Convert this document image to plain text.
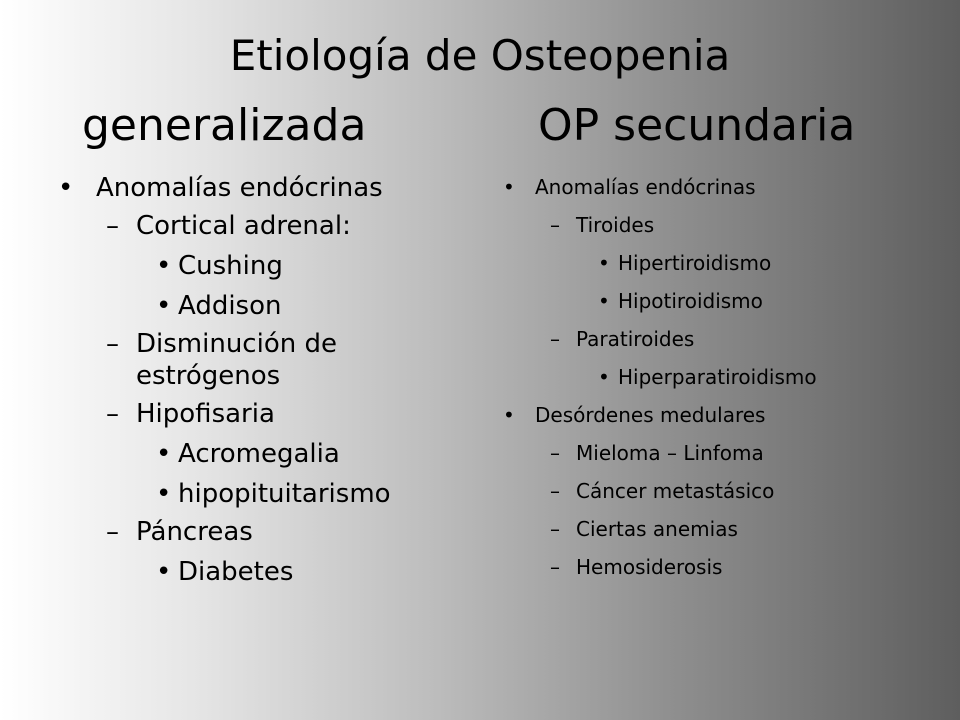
Etiología de Osteopenia
generalizada	OP secundaria
• Anomalías endócrinas
– Cortical adrenal:
• Cushing
• Addison
– Disminución de estrógenos
– Hipofisaria
• Acromegalia
• hipopituitarismo
– Páncreas
• Diabetes
• Anomalías endócrinas
– Tiroides
• Hipertiroidismo
• Hipotiroidismo
– Paratiroides
• Hiperparatiroidismo
• Desórdenes medulares
– Mieloma – Linfoma
– Cáncer metastásico
– Ciertas anemias
– Hemosiderosis
